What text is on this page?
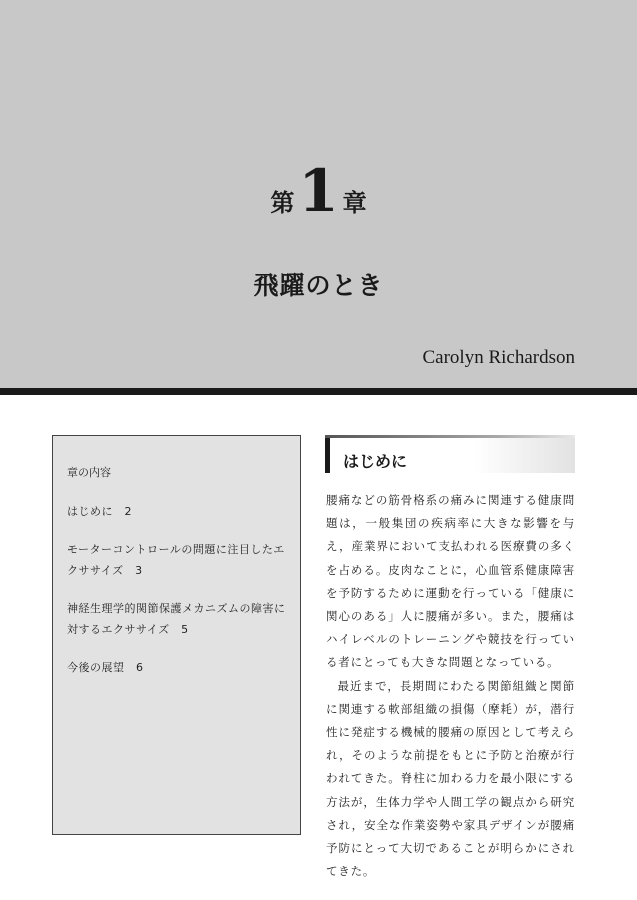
第1 章
飛躍のとき
Carolyn Richardson
章の内容
はじめに　2
モーターコントロールの問題に注目したエクササイズ　3
神経生理学的関節保護メカニズムの障害に対するエクササイズ　5
今後の展望　6
はじめに

腰痛などの筋骨格系の痛みに関連する健康問題は，一般集団の疾病率に大きな影響を与え，産業界において支払われる医療費の多くを占める。皮肉なことに，心血管系健康障害を予防するために運動を行っている「健康に関心のある」人に腰痛が多い。また，腰痛はハイレベルのトレーニングや競技を行っている者にとっても大きな問題となっている。

最近まで，長期間にわたる関節組織と関節に関連する軟部組織の損傷（摩耗）が，潜行性に発症する機械的腰痛の原因として考えられ，そのような前提をもとに予防と治療が行われてきた。脊柱に加わる力を最小限にする方法が，生体力学や人間工学の観点から研究され，安全な作業姿勢や家具デザインが腰痛予防にとって大切であることが明らかにされてきた。
